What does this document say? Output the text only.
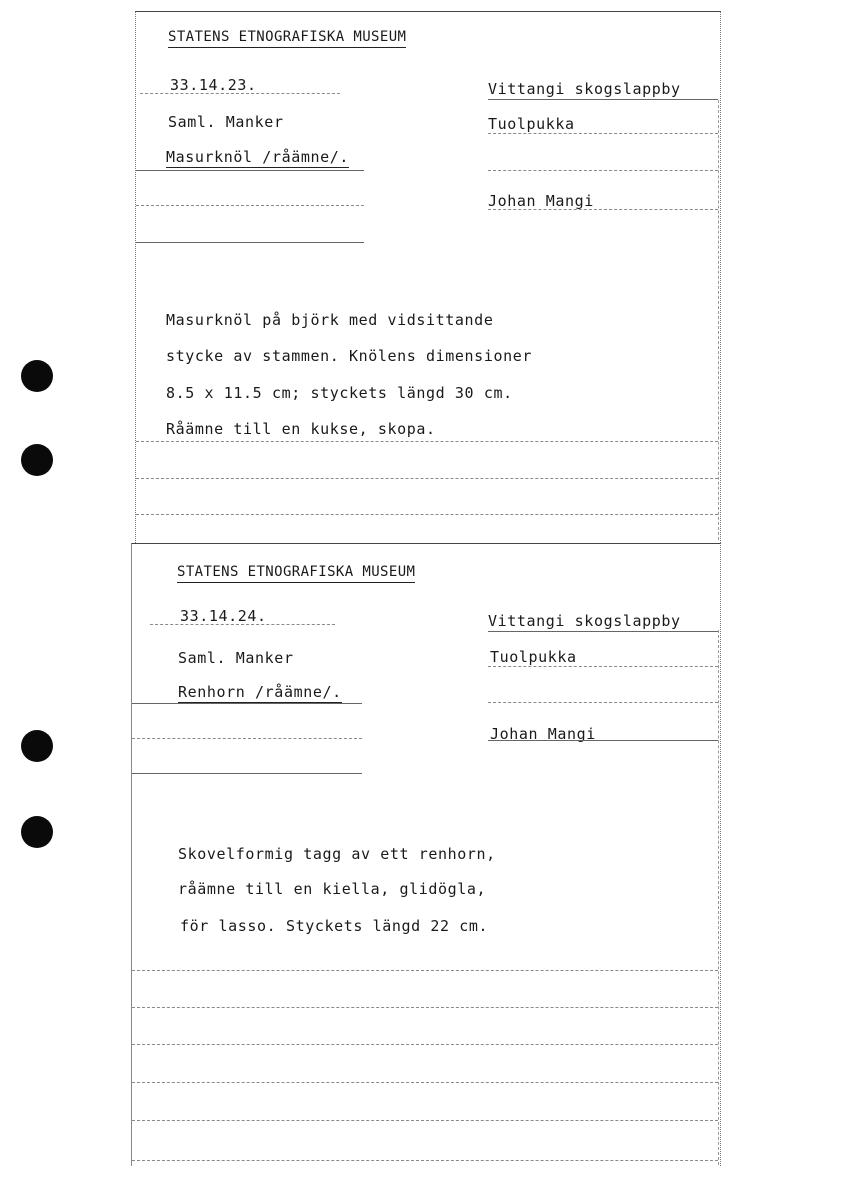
STATENS ETNOGRAFISKA MUSEUM
33.14.23.	Vittangi skogslappby
Saml. Manker	Tuolpukka
Masurknöl /råämne/.
Johan Mangi
Masurknöl på björk med vidsittande
stycke av stammen. Knölens dimensioner
8.5 x 11.5 cm; styckets längd 30 cm.
Råämne till en kukse, skopa.
STATENS ETNOGRAFISKA MUSEUM
33.14.24.	Vittangi skogslappby
Saml. Manker	Tuolpukka
Renhorn /råämne/.
Johan Mangi
Skovelformig tagg av ett renhorn,
råämne till en kiella, glidögla,
för lasso. Styckets längd 22 cm.
